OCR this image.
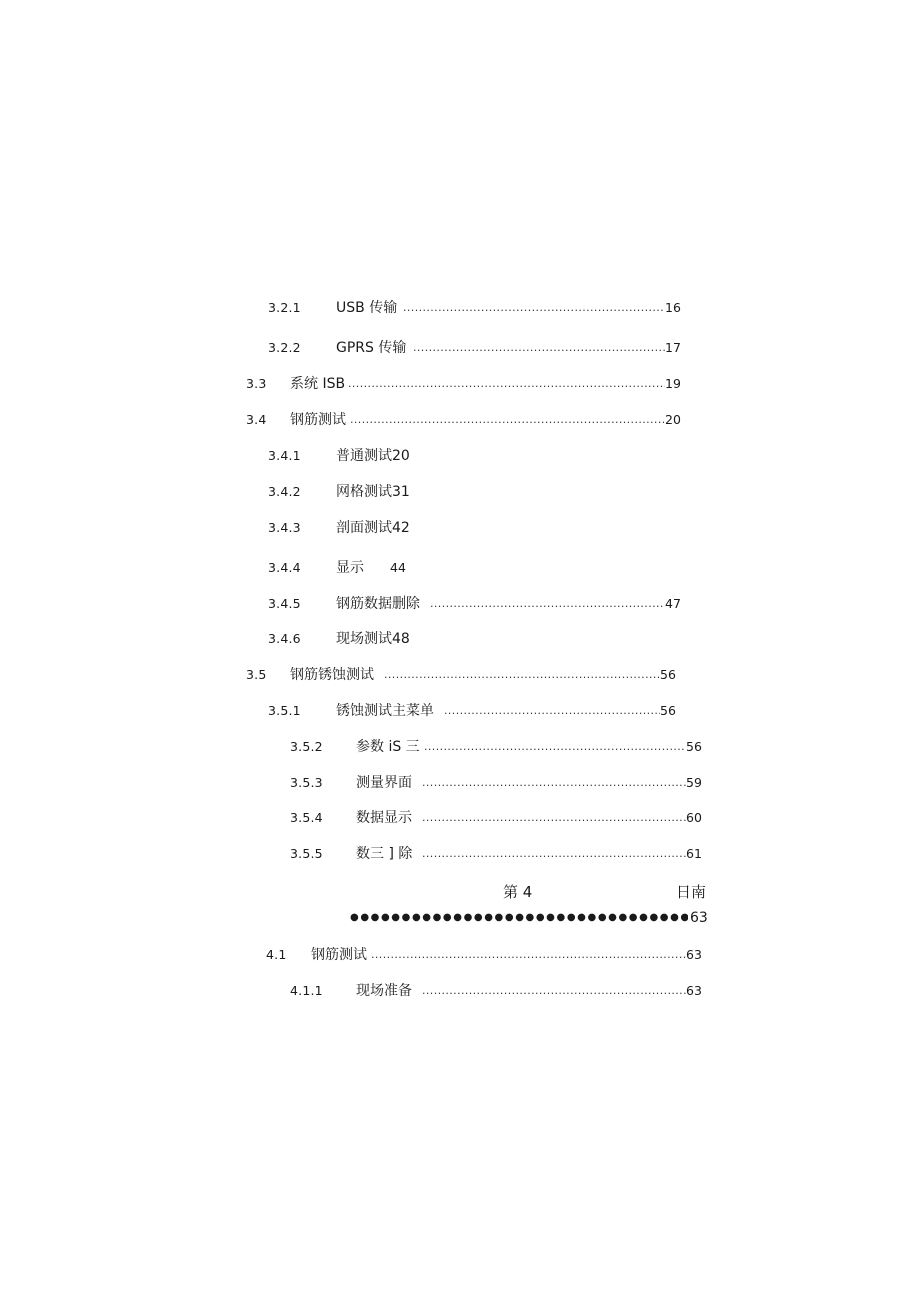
3.2.1	USB 传输 .....	16
3.2.2	GPRS 传输 .....	17
3.3 系统 ISB .....	19
3.4 钢筋测试 .....	20
3.4.1	普通测试20
3.4.2	网格测试31
3.4.3	剖面测试42
3.4.4	显示 44
3.4.5	钢筋数据删除 .....	47
3.4.6	现场测试48
3.5 钢筋锈蚀测试 .....	56
3.5.1	锈蚀测试主菜单 .....	56
3.5.2 参数 iS 三 .....	56
3.5.3 测量界面 .....	59
3.5.4 数据显示 .....	60
3.5.5 数三 ] 除 .....	61
第 4	日南
●●●●●●●●●●●●●●●●●●●●●●●●●●●●●●●●●●●●●●●●●●●●●●●●●●●●●●●●●●●●●●●●●●●●●●●●●●●●●●●●●●●●●
63
4.1 钢筋测试 .....	63
4.1.1 现场准备 .....	63
